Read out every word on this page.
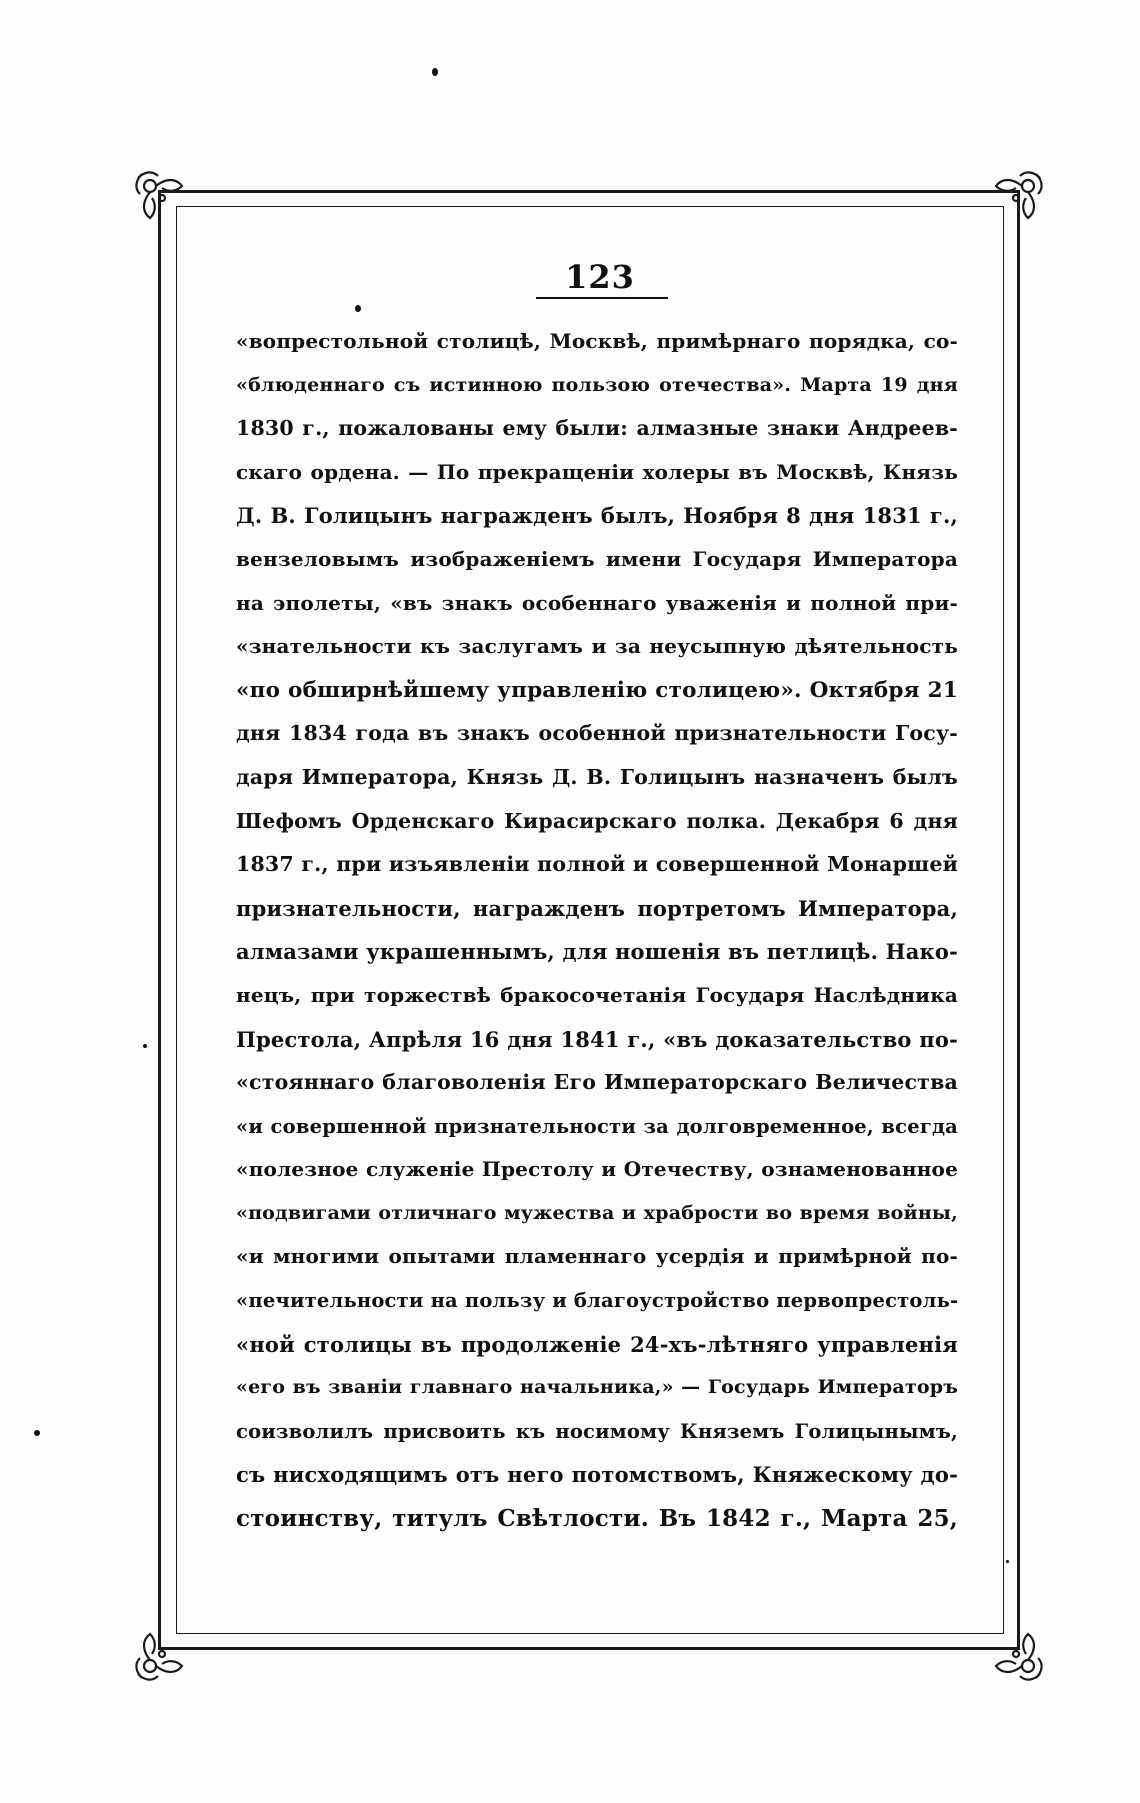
123
«вопрестольной столицѣ, Москвѣ, примѣрнаго порядка, со-
«блюденнаго съ истинною пользою отечества». Марта 19 дня
1830 г., пожалованы ему были: алмазные знаки Андреев-
скаго ордена. — По прекращеніи холеры въ Москвѣ, Князь
Д. В. Голицынъ награжденъ былъ, Ноября 8 дня 1831 г.,
вензеловымъ изображеніемъ имени Государя Императора
на эполеты, «въ знакъ особеннаго уваженія и полной при-
«знательности къ заслугамъ и за неусыпную дѣятельность
«по обширнѣйшему управленію столицею». Октября 21
дня 1834 года въ знакъ особенной признательности Госу-
даря Императора, Князь Д. В. Голицынъ назначенъ былъ
Шефомъ Орденскаго Кирасирскаго полка. Декабря 6 дня
1837 г., при изъявленіи полной и совершенной Монаршей
признательности, награжденъ портретомъ Императора,
алмазами украшеннымъ, для ношенія въ петлицѣ. Нако-
нецъ, при торжествѣ бракосочетанія Государя Наслѣдника
Престола, Апрѣля 16 дня 1841 г., «въ доказательство по-
«стояннаго благоволенія Его Императорскаго Величества
«и совершенной признательности за долговременное, всегда
«полезное служеніе Престолу и Отечеству, ознаменованное
«подвигами отличнаго мужества и храбрости во время войны,
«и многими опытами пламеннаго усердія и примѣрной по-
«печительности на пользу и благоустройство первопрестоль-
«ной столицы въ продолженіе 24-хъ-лѣтняго управленія
«его въ званіи главнаго начальника,» — Государь Императоръ
соизволилъ присвоить къ носимому Княземъ Голицынымъ,
съ нисходящимъ отъ него потомствомъ, Княжескому до-
стоинству, титулъ Свѣтлости. Въ 1842 г., Марта 25,
